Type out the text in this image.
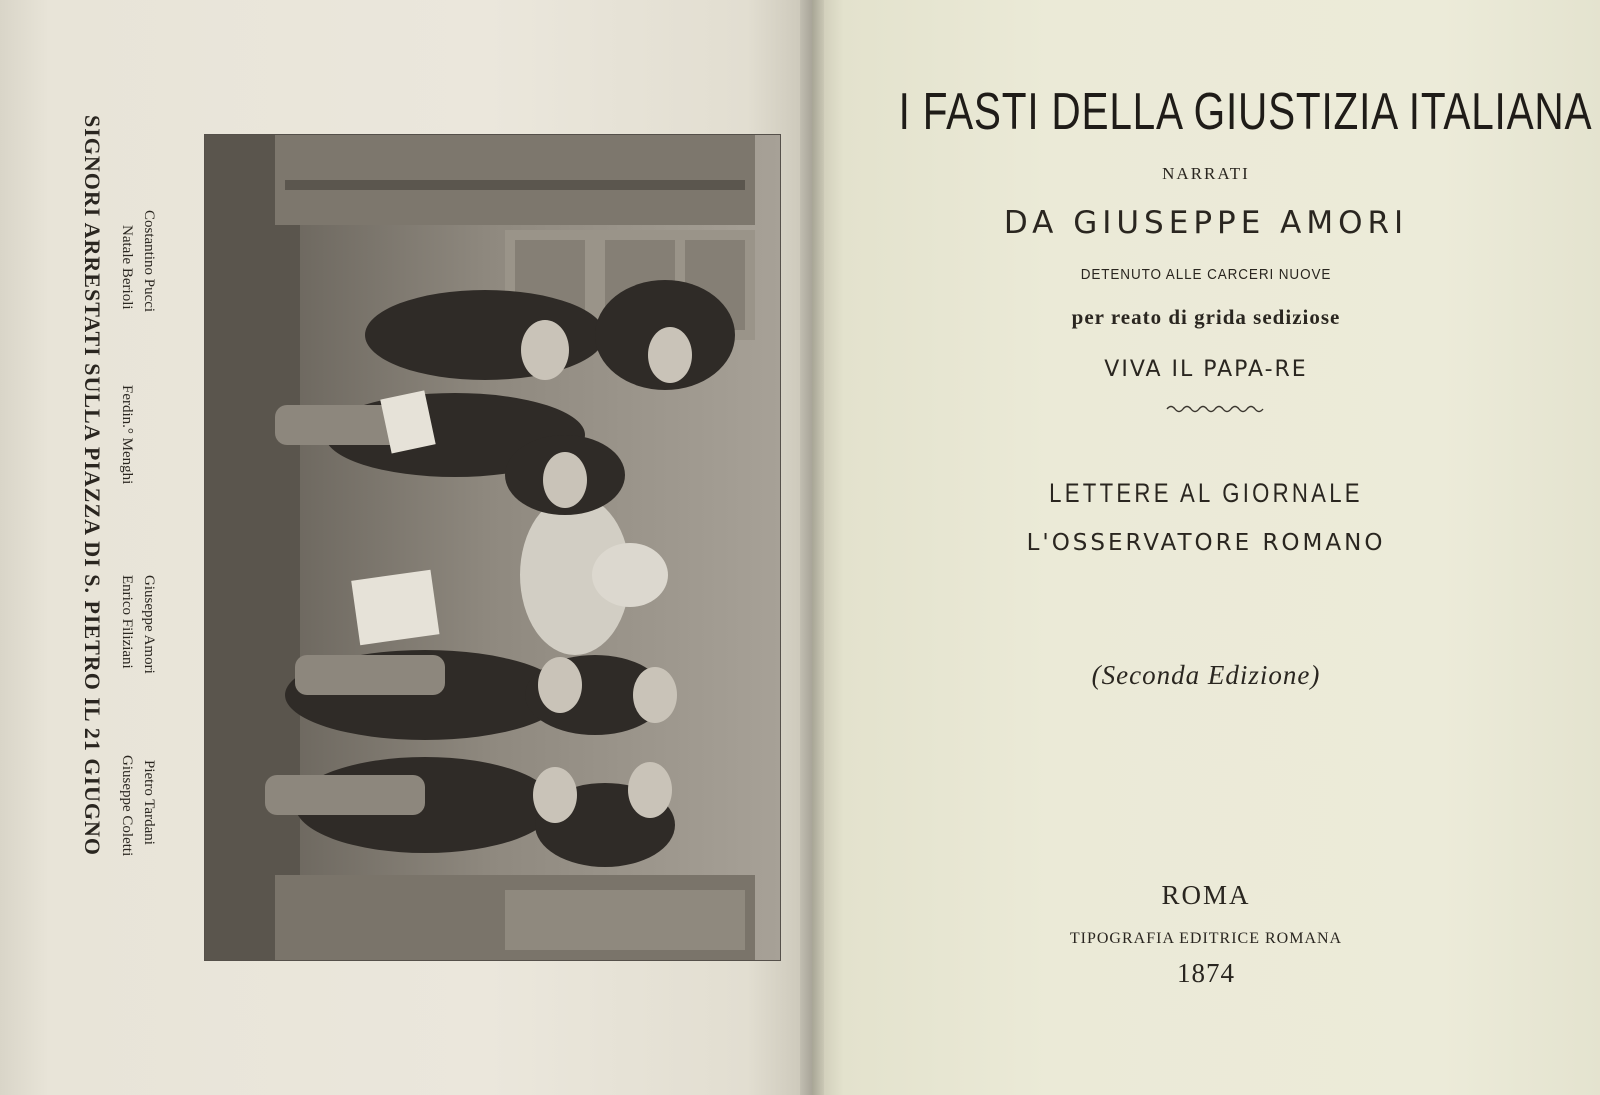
SIGNORI ARRESTATI SULLA PIAZZA DI S. PIETRO IL 21 GIUGNO Natale Berioli
Ferdin.° Menghi
Enrico Filiziani
Giuseppe Coletti
Costantino Pucci
Giuseppe Amori
Pietro Tardani
I FASTI DELLA GIUSTIZIA ITALIANA
NARRATI
DA GIUSEPPE AMORI
DETENUTO ALLE CARCERI NUOVE
per reato di grida sediziose
VIVA IL PAPA-RE
LETTERE AL GIORNALE
L'OSSERVATORE ROMANO
(Seconda Edizione)
ROMA
TIPOGRAFIA EDITRICE ROMANA
1874
